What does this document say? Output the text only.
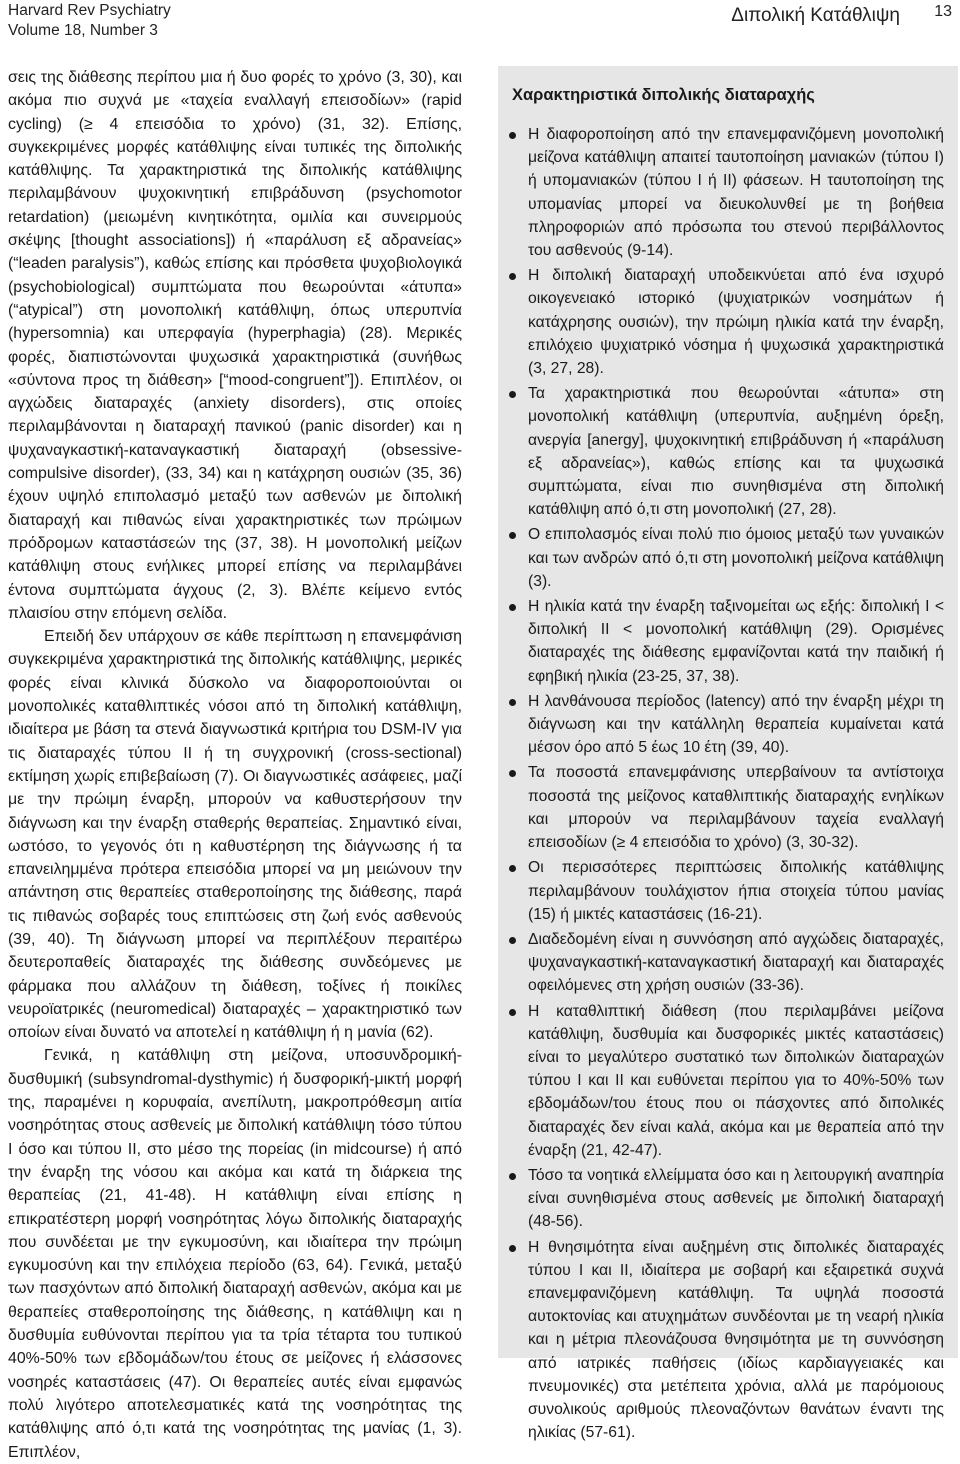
Harvard Rev Psychiatry
Volume 18, Number 3
Διπολική Κατάθλιψη 13

σεις της διάθεσης περίπου μια ή δυο φορές το χρόνο (3, 30), και ακόμα πιο συχνά με «ταχεία εναλλαγή επεισοδίων» (rapid cycling) (≥ 4 επεισόδια το χρόνο) (31, 32). Επίσης, συγκεκριμένες μορφές κατάθλιψης είναι τυπικές της διπολικής κατάθλιψης. Τα χαρακτηριστικά της διπολικής κατάθλιψης περιλαμβάνουν ψυχοκινητική επιβράδυνση (psychomotor retardation) (μειωμένη κινητικότητα, ομιλία και συνειρμούς σκέψης [thought associations]) ή «παράλυση εξ αδρανείας» (“leaden paralysis”), καθώς επίσης και πρόσθετα ψυχοβιολογικά (psychobiological) συμπτώματα που θεωρούνται «άτυπα» (“atypical”) στη μονοπολική κατάθλιψη, όπως υπερυπνία (hypersomnia) και υπερφαγία (hyperphagia) (28). Μερικές φορές, διαπιστώνονται ψυχωσικά χαρακτηριστικά (συνήθως «σύντονα προς τη διάθεση» [“mood-congruent”]). Επιπλέον, οι αγχώδεις διαταραχές (anxiety disorders), στις οποίες περιλαμβάνονται η διαταραχή πανικού (panic disorder) και η ψυχαναγκαστική-καταναγκαστική διαταραχή (obsessive-compulsive disorder), (33, 34) και η κατάχρηση ουσιών (35, 36) έχουν υψηλό επιπολασμό μεταξύ των ασθενών με διπολική διαταραχή και πιθανώς είναι χαρακτηριστικές των πρώιμων πρόδρομων καταστάσεών της (37, 38). Η μονοπολική μείζων κατάθλιψη στους ενήλικες μπορεί επίσης να περιλαμβάνει έντονα συμπτώματα άγχους (2, 3). Βλέπε κείμενο εντός πλαισίου στην επόμενη σελίδα.

Επειδή δεν υπάρχουν σε κάθε περίπτωση η επανεμφάνιση συγκεκριμένα χαρακτηριστικά της διπολικής κατάθλιψης, μερικές φορές είναι κλινικά δύσκολο να διαφοροποιούνται οι μονοπολικές καταθλιπτικές νόσοι από τη διπολική κατάθλιψη, ιδιαίτερα με βάση τα στενά διαγνωστικά κριτήρια του DSM-IV για τις διαταραχές τύπου ΙΙ ή τη συγχρονική (cross-sectional) εκτίμηση χωρίς επιβεβαίωση (7). Οι διαγνωστικές ασάφειες, μαζί με την πρώιμη έναρξη, μπορούν να καθυστερήσουν την διάγνωση και την έναρξη σταθερής θεραπείας. Σημαντικό είναι, ωστόσο, το γεγονός ότι η καθυστέρηση της διάγνωσης ή τα επανειλημμένα πρότερα επεισόδια μπορεί να μη μειώνουν την απάντηση στις θεραπείες σταθεροποίησης της διάθεσης, παρά τις πιθανώς σοβαρές τους επιπτώσεις στη ζωή ενός ασθενούς (39, 40). Τη διάγνωση μπορεί να περιπλέξουν περαιτέρω δευτεροπαθείς διαταραχές της διάθεσης συνδεόμενες με φάρμακα που αλλάζουν τη διάθεση, τοξίνες ή ποικίλες νευροϊατρικές (neuromedical) διαταραχές – χαρακτηριστικό των οποίων είναι δυνατό να αποτελεί η κατάθλιψη ή η μανία (62).

Γενικά, η κατάθλιψη στη μείζονα, υποσυνδρομική-δυσθυμική (subsyndromal-dysthymic) ή δυσφορική-μικτή μορφή της, παραμένει η κορυφαία, ανεπίλυτη, μακροπρόθεσμη αιτία νοσηρότητας στους ασθενείς με διπολική κατάθλιψη τόσο τύπου Ι όσο και τύπου ΙΙ, στο μέσο της πορείας (in midcourse) ή από την έναρξη της νόσου και ακόμα και κατά τη διάρκεια της θεραπείας (21, 41-48). Η κατάθλιψη είναι επίσης η επικρατέστερη μορφή νοσηρότητας λόγω διπολικής διαταραχής που συνδέεται με την εγκυμοσύνη, και ιδιαίτερα την πρώιμη εγκυμοσύνη και την επιλόχεια περίοδο (63, 64). Γενικά, μεταξύ των πασχόντων από διπολική διαταραχή ασθενών, ακόμα και με θεραπείες σταθεροποίησης της διάθεσης, η κατάθλιψη και η δυσθυμία ευθύνονται περίπου για τα τρία τέταρτα του τυπικού 40%-50% των εβδομάδων/του έτους σε μείζονες ή ελάσσονες νοσηρές καταστάσεις (47). Οι θεραπείες αυτές είναι εμφανώς πολύ λιγότερο αποτελεσματικές κατά της νοσηρότητας της κατάθλιψης από ό,τι κατά της νοσηρότητας της μανίας (1, 3). Επιπλέον,

Χαρακτηριστικά διπολικής διαταραχής
Η διαφοροποίηση από την επανεμφανιζόμενη μονοπολική μείζονα κατάθλιψη απαιτεί ταυτοποίηση μανιακών (τύπου Ι) ή υπομανιακών (τύπου Ι ή ΙΙ) φάσεων. Η ταυτοποίηση της υπομανίας μπορεί να διευκολυνθεί με τη βοήθεια πληροφοριών από πρόσωπα του στενού περιβάλλοντος του ασθενούς (9-14).
Η διπολική διαταραχή υποδεικνύεται από ένα ισχυρό οικογενειακό ιστορικό (ψυχιατρικών νοσημάτων ή κατάχρησης ουσιών), την πρώιμη ηλικία κατά την έναρξη, επιλόχειο ψυχιατρικό νόσημα ή ψυχωσικά χαρακτηριστικά (3, 27, 28).
Τα χαρακτηριστικά που θεωρούνται «άτυπα» στη μονοπολική κατάθλιψη (υπερυπνία, αυξημένη όρεξη, ανεργία [anergy], ψυχοκινητική επιβράδυνση ή «παράλυση εξ αδρανείας»), καθώς επίσης και τα ψυχωσικά συμπτώματα, είναι πιο συνηθισμένα στη διπολική κατάθλιψη από ό,τι στη μονοπολική (27, 28).
Ο επιπολασμός είναι πολύ πιο όμοιος μεταξύ των γυναικών και των ανδρών από ό,τι στη μονοπολική μείζονα κατάθλιψη (3).
Η ηλικία κατά την έναρξη ταξινομείται ως εξής: διπολική Ι < διπολική ΙΙ < μονοπολική κατάθλιψη (29). Ορισμένες διαταραχές της διάθεσης εμφανίζονται κατά την παιδική ή εφηβική ηλικία (23-25, 37, 38).
Η λανθάνουσα περίοδος (latency) από την έναρξη μέχρι τη διάγνωση και την κατάλληλη θεραπεία κυμαίνεται κατά μέσον όρο από 5 έως 10 έτη (39, 40).
Τα ποσοστά επανεμφάνισης υπερβαίνουν τα αντίστοιχα ποσοστά της μείζονος καταθλιπτικής διαταραχής ενηλίκων και μπορούν να περιλαμβάνουν ταχεία εναλλαγή επεισοδίων (≥ 4 επεισόδια το χρόνο) (3, 30-32).
Οι περισσότερες περιπτώσεις διπολικής κατάθλιψης περιλαμβάνουν τουλάχιστον ήπια στοιχεία τύπου μανίας (15) ή μικτές καταστάσεις (16-21).
Διαδεδομένη είναι η συννόσηση από αγχώδεις διαταραχές, ψυχαναγκαστική-καταναγκαστική διαταραχή και διαταραχές οφειλόμενες στη χρήση ουσιών (33-36).
Η καταθλιπτική διάθεση (που περιλαμβάνει μείζονα κατάθλιψη, δυσθυμία και δυσφορικές μικτές καταστάσεις) είναι το μεγαλύτερο συστατικό των διπολικών διαταραχών τύπου Ι και ΙΙ και ευθύνεται περίπου για το 40%-50% των εβδομάδων/του έτους που οι πάσχοντες από διπολικές διαταραχές δεν είναι καλά, ακόμα και με θεραπεία από την έναρξη (21, 42-47).
Τόσο τα νοητικά ελλείμματα όσο και η λειτουργική αναπηρία είναι συνηθισμένα στους ασθενείς με διπολική διαταραχή (48-56).
Η θνησιμότητα είναι αυξημένη στις διπολικές διαταραχές τύπου Ι και ΙΙ, ιδιαίτερα με σοβαρή και εξαιρετικά συχνά επανεμφανιζόμενη κατάθλιψη. Τα υψηλά ποσοστά αυτοκτονίας και ατυχημάτων συνδέονται με τη νεαρή ηλικία και η μέτρια πλεονάζουσα θνησιμότητα με τη συννόσηση από ιατρικές παθήσεις (ιδίως καρδιαγγειακές και πνευμονικές) στα μετέπειτα χρόνια, αλλά με παρόμοιους συνολικούς αριθμούς πλεοναζόντων θανάτων έναντι της ηλικίας (57-61).
